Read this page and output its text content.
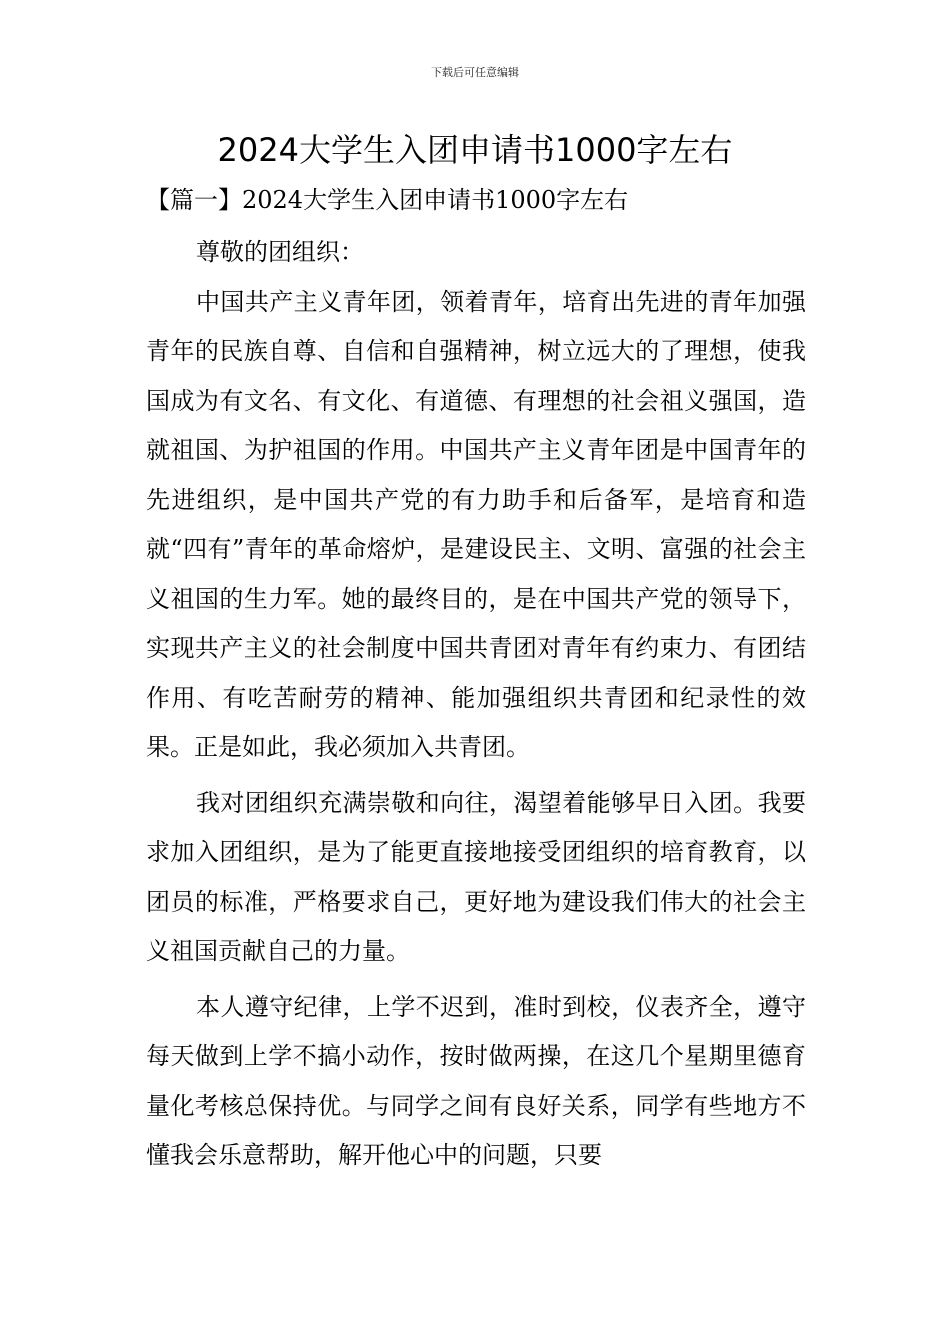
下载后可任意编辑
2024大学生入团申请书1000字左右
【篇一】2024大学生入团申请书1000字左右

尊敬的团组织：

中国共产主义青年团，领着青年，培育出先进的青年加强青年的民族自尊、自信和自强精神，树立远大的了理想，使我国成为有文名、有文化、有道德、有理想的社会祖义强国，造就祖国、为护祖国的作用。中国共产主义青年团是中国青年的先进组织，是中国共产党的有力助手和后备军，是培育和造就“四有”青年的革命熔炉，是建设民主、文明、富强的社会主义祖国的生力军。她的最终目的，是在中国共产党的领导下，实现共产主义的社会制度中国共青团对青年有约束力、有团结作用、有吃苦耐劳的精神、能加强组织共青团和纪录性的效果。正是如此，我必须加入共青团。

我对团组织充满崇敬和向往，渴望着能够早日入团。我要求加入团组织，是为了能更直接地接受团组织的培育教育，以团员的标准，严格要求自己，更好地为建设我们伟大的社会主义祖国贡献自己的力量。

本人遵守纪律，上学不迟到，准时到校，仪表齐全，遵守每天做到上学不搞小动作，按时做两操，在这几个星期里德育量化考核总保持优。与同学之间有良好关系，同学有些地方不懂我会乐意帮助，解开他心中的问题，只要
